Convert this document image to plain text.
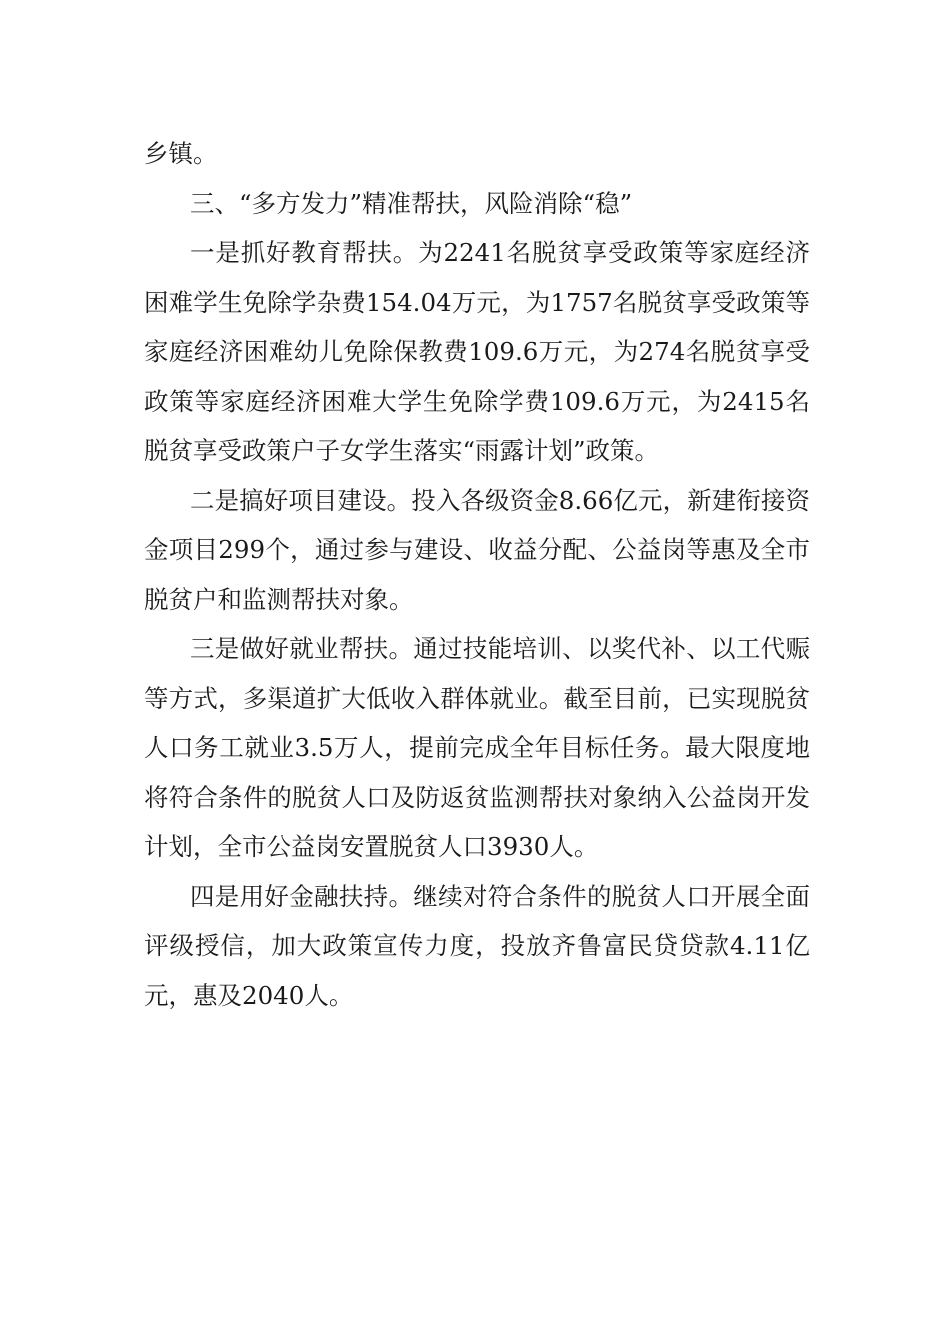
乡镇。

三、“多方发力”精准帮扶，风险消除“稳”

一是抓好教育帮扶。为2241名脱贫享受政策等家庭经济困难学生免除学杂费154.04万元，为1757名脱贫享受政策等家庭经济困难幼儿免除保教费109.6万元，为274名脱贫享受政策等家庭经济困难大学生免除学费109.6万元，为2415名脱贫享受政策户子女学生落实“雨露计划”政策。

二是搞好项目建设。投入各级资金8.66亿元，新建衔接资金项目299个，通过参与建设、收益分配、公益岗等惠及全市脱贫户和监测帮扶对象。

三是做好就业帮扶。通过技能培训、以奖代补、以工代赈等方式，多渠道扩大低收入群体就业。截至目前，已实现脱贫人口务工就业3.5万人，提前完成全年目标任务。最大限度地将符合条件的脱贫人口及防返贫监测帮扶对象纳入公益岗开发计划，全市公益岗安置脱贫人口3930人。

四是用好金融扶持。继续对符合条件的脱贫人口开展全面评级授信，加大政策宣传力度，投放齐鲁富民贷贷款4.11亿元，惠及2040人。
